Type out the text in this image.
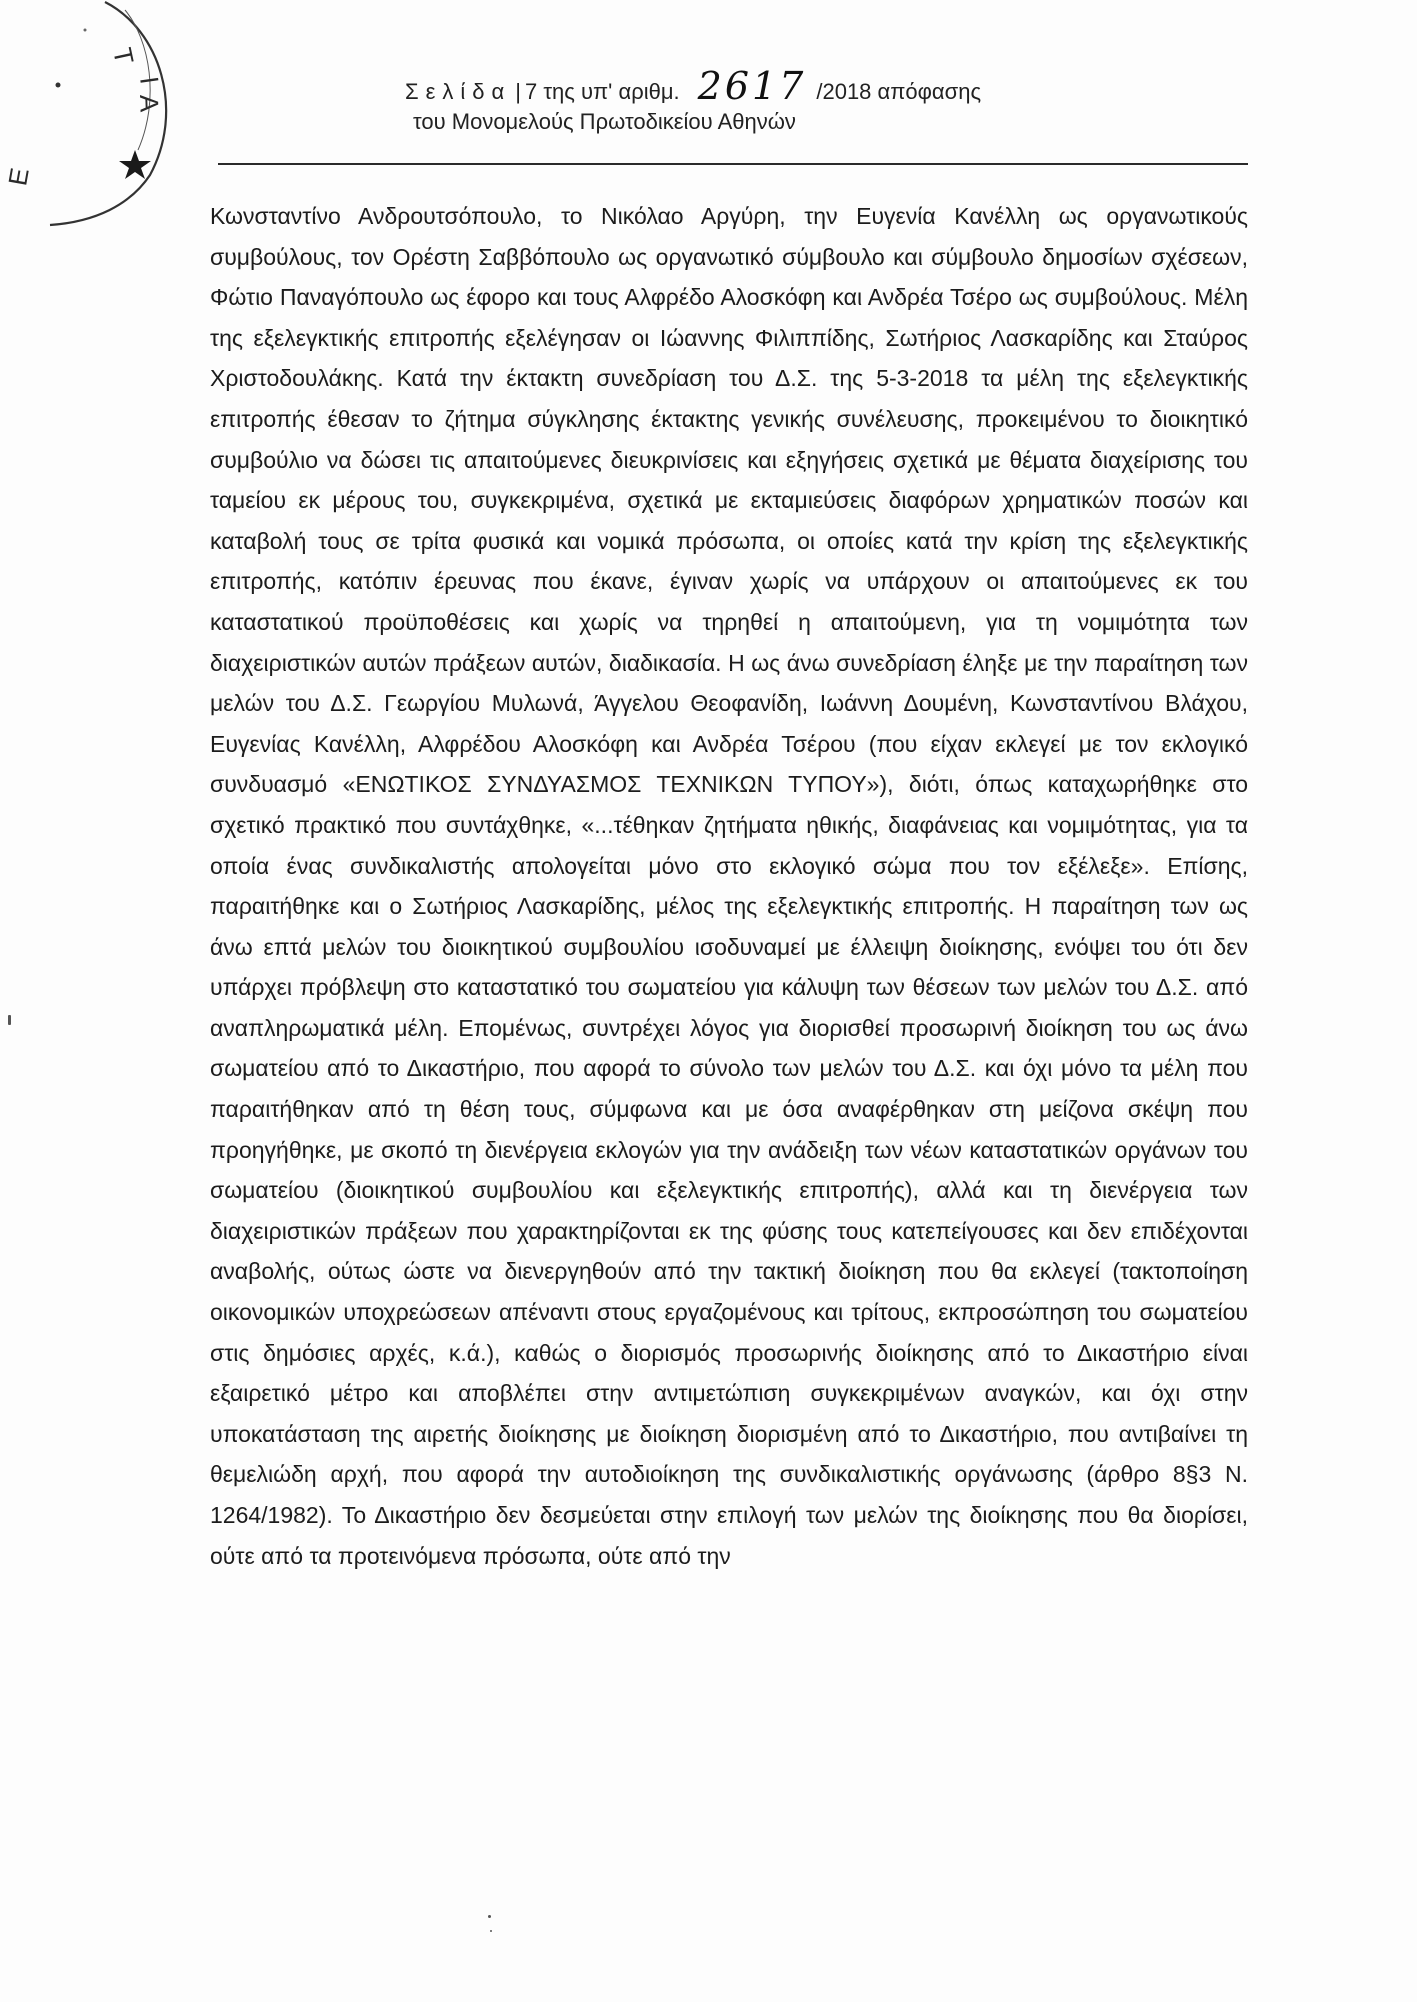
Τ
Ι
Α
Ε
Σελίδα | 7 της υπ' αριθμ. 2617 /2018 απόφασης
του Μονομελούς Πρωτοδικείου Αθηνών

Κωνσταντίνο Ανδρουτσόπουλο, το Νικόλαο Αργύρη, την Ευγενία Κανέλλη ως οργανωτικούς συμβούλους, τον Ορέστη Σαββόπουλο ως οργανωτικό σύμβουλο και σύμβουλο δημοσίων σχέσεων, Φώτιο Παναγόπουλο ως έφορο και τους Αλφρέδο Αλοσκόφη και Ανδρέα Τσέρο ως συμβούλους. Μέλη της εξελεγκτικής επιτροπής εξελέγησαν οι Ιώαννης Φιλιππίδης, Σωτήριος Λασκαρίδης και Σταύρος Χριστοδουλάκης. Κατά την έκτακτη συνεδρίαση του Δ.Σ. της 5-3-2018 τα μέλη της εξελεγκτικής επιτροπής έθεσαν το ζήτημα σύγκλησης έκτακτης γενικής συνέλευσης, προκειμένου το διοικητικό συμβούλιο να δώσει τις απαιτούμενες διευκρινίσεις και εξηγήσεις σχετικά με θέματα διαχείρισης του ταμείου εκ μέρους του, συγκεκριμένα, σχετικά με εκταμιεύσεις διαφόρων χρηματικών ποσών και καταβολή τους σε τρίτα φυσικά και νομικά πρόσωπα, οι οποίες κατά την κρίση της εξελεγκτικής επιτροπής, κατόπιν έρευνας που έκανε, έγιναν χωρίς να υπάρχουν οι απαιτούμενες εκ του καταστατικού προϋποθέσεις και χωρίς να τηρηθεί η απαιτούμενη, για τη νομιμότητα των διαχειριστικών αυτών πράξεων αυτών, διαδικασία. Η ως άνω συνεδρίαση έληξε με την παραίτηση των μελών του Δ.Σ. Γεωργίου Μυλωνά, Άγγελου Θεοφανίδη, Ιωάννη Δουμένη, Κωνσταντίνου Βλάχου, Ευγενίας Κανέλλη, Αλφρέδου Αλοσκόφη και Ανδρέα Τσέρου (που είχαν εκλεγεί με τον εκλογικό συνδυασμό «ΕΝΩΤΙΚΟΣ ΣΥΝΔΥΑΣΜΟΣ ΤΕΧΝΙΚΩΝ ΤΥΠΟΥ»), διότι, όπως καταχωρήθηκε στο σχετικό πρακτικό που συντάχθηκε, «...τέθηκαν ζητήματα ηθικής, διαφάνειας και νομιμότητας, για τα οποία ένας συνδικαλιστής απολογείται μόνο στο εκλογικό σώμα που τον εξέλεξε». Επίσης, παραιτήθηκε και ο Σωτήριος Λασκαρίδης, μέλος της εξελεγκτικής επιτροπής. Η παραίτηση των ως άνω επτά μελών του διοικητικού συμβουλίου ισοδυναμεί με έλλειψη διοίκησης, ενόψει του ότι δεν υπάρχει πρόβλεψη στο καταστατικό του σωματείου για κάλυψη των θέσεων των μελών του Δ.Σ. από αναπληρωματικά μέλη. Επομένως, συντρέχει λόγος για διορισθεί προσωρινή διοίκηση του ως άνω σωματείου από το Δικαστήριο, που αφορά το σύνολο των μελών του Δ.Σ. και όχι μόνο τα μέλη που παραιτήθηκαν από τη θέση τους, σύμφωνα και με όσα αναφέρθηκαν στη μείζονα σκέψη που προηγήθηκε, με σκοπό τη διενέργεια εκλογών για την ανάδειξη των νέων καταστατικών οργάνων του σωματείου (διοικητικού συμβουλίου και εξελεγκτικής επιτροπής), αλλά και τη διενέργεια των διαχειριστικών πράξεων που χαρακτηρίζονται εκ της φύσης τους κατεπείγουσες και δεν επιδέχονται αναβολής, ούτως ώστε να διενεργηθούν από την τακτική διοίκηση που θα εκλεγεί (τακτοποίηση οικονομικών υποχρεώσεων απέναντι στους εργαζομένους και τρίτους, εκπροσώπηση του σωματείου στις δημόσιες αρχές, κ.ά.), καθώς ο διορισμός προσωρινής διοίκησης από το Δικαστήριο είναι εξαιρετικό μέτρο και αποβλέπει στην αντιμετώπιση συγκεκριμένων αναγκών, και όχι στην υποκατάσταση της αιρετής διοίκησης με διοίκηση διορισμένη από το Δικαστήριο, που αντιβαίνει τη θεμελιώδη αρχή, που αφορά την αυτοδιοίκηση της συνδικαλιστικής οργάνωσης (άρθρο 8§3 Ν. 1264/1982). Το Δικαστήριο δεν δεσμεύεται στην επιλογή των μελών της διοίκησης που θα διορίσει, ούτε από τα προτεινόμενα πρόσωπα, ούτε από την
